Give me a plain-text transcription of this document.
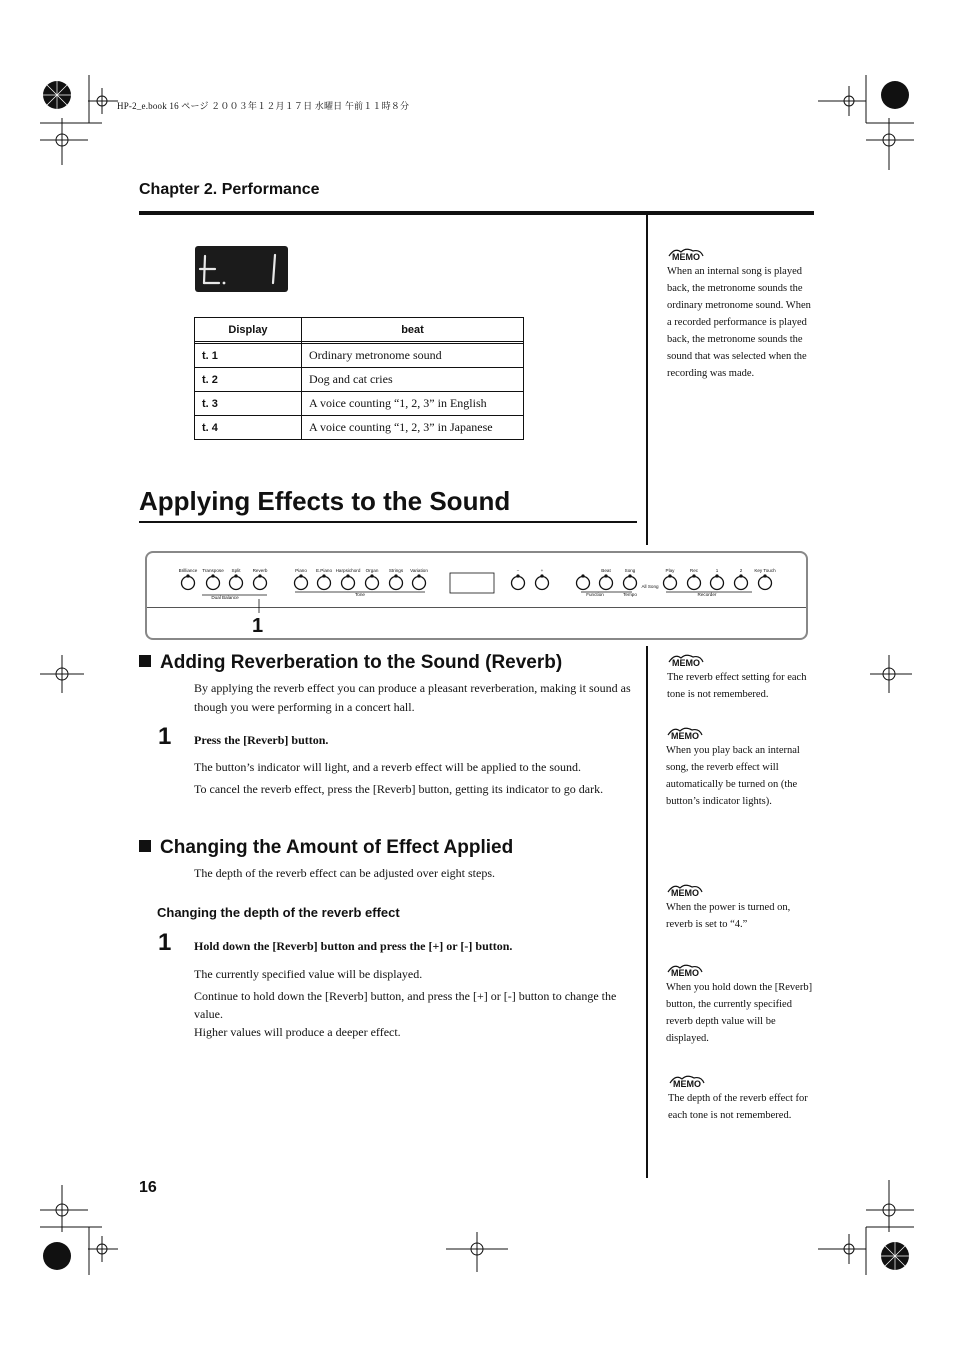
HP-2_e.book 16 ページ ２００３年１２月１７日 水曜日 午前１１時８分
Chapter 2. Performance
Display	beat

t. 1	Ordinary metronome sound
t. 2	Dog and cat cries
t. 3	A voice counting “1, 2, 3” in English
t. 4	A voice counting “1, 2, 3” in Japanese
Applying Effects to the Sound
Brilliance Transpose Split	Reverb
Dual Balance
Piano E.Piano Harpsichord Organ Strings Variation
Tone
−	+	Beat	Song	Play	Rec	1	2	Key Touch
Function	Tempo
All Song
Recorder
1
Adding Reverberation to the Sound (Reverb)
By applying the reverb effect you can produce a pleasant reverberation, making it sound as though you were performing in a concert hall.
1 Press the [Reverb] button.
The button’s indicator will light, and a reverb effect will be applied to the sound.
To cancel the reverb effect, press the [Reverb] button, getting its indicator to go dark.
Changing the Amount of Effect Applied
The depth of the reverb effect can be adjusted over eight steps.
Changing the depth of the reverb effect
1 Hold down the [Reverb] button and press the [+] or [-] button.
The currently specified value will be displayed.
Continue to hold down the [Reverb] button, and press the [+] or [-] button to change the value.
Higher values will produce a deeper effect.
MEMO
When an internal song is played back, the metronome sounds the ordinary metronome sound. When a recorded performance is played back, the metronome sounds the sound that was selected when the recording was made.
MEMO
The reverb effect setting for each tone is not remembered.
MEMO
When you play back an internal song, the reverb effect will automatically be turned on (the button’s indicator lights).
MEMO
When the power is turned on, reverb is set to “4.”
MEMO
When you hold down the [Reverb] button, the currently specified reverb depth value will be displayed.
MEMO
The depth of the reverb effect for each tone is not remembered.
16
